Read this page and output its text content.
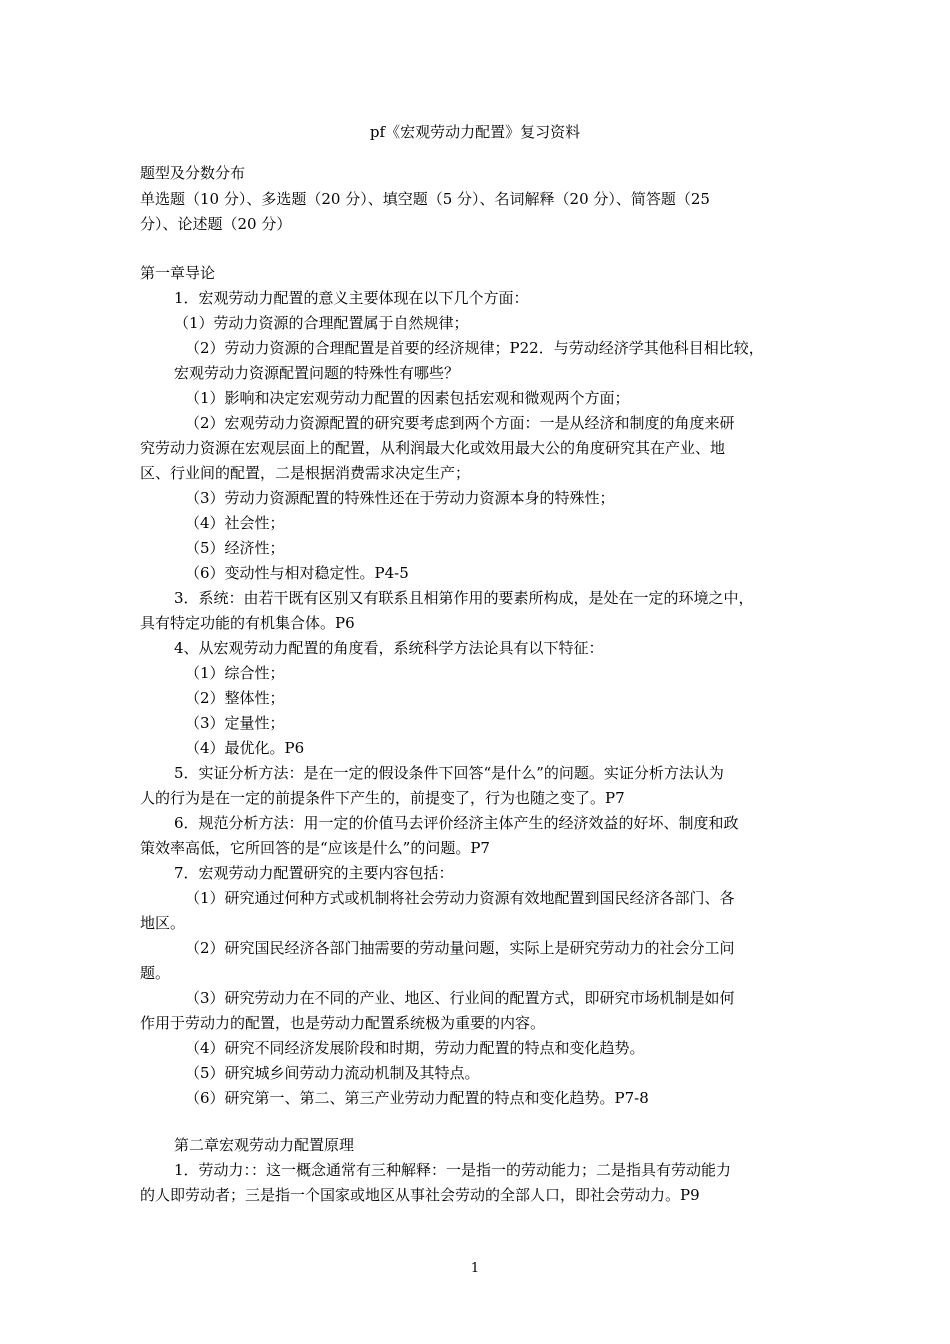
pf《宏观劳动力配置》复习资料
题型及分数分布
单选题（10 分）、多选题（20 分）、填空题（5 分）、名词解释（20 分）、简答题（25
分）、论述题（20 分）
第一章导论
1．宏观劳动力配置的意义主要体现在以下几个方面：
（1）劳动力资源的合理配置属于自然规律；
（2）劳动力资源的合理配置是首要的经济规律；P22．与劳动经济学其他科目相比较，
宏观劳动力资源配置问题的特殊性有哪些？
（1）影响和决定宏观劳动力配置的因素包括宏观和微观两个方面；
（2）宏观劳动力资源配置的研究要考虑到两个方面：一是从经济和制度的角度来研
究劳动力资源在宏观层面上的配置，从利润最大化或效用最大公的角度研究其在产业、地
区、行业间的配置，二是根据消费需求决定生产；
（3）劳动力资源配置的特殊性还在于劳动力资源本身的特殊性；
（4）社会性；
（5）经济性；
（6）变动性与相对稳定性。P4-5
3．系统：由若干既有区别又有联系且相第作用的要素所构成，是处在一定的环境之中，
具有特定功能的有机集合体。P6
4、从宏观劳动力配置的角度看，系统科学方法论具有以下特征：
（1）综合性；
（2）整体性；
（3）定量性；
（4）最优化。P6
5．实证分析方法：是在一定的假设条件下回答“是什么”的问题。实证分析方法认为
人的行为是在一定的前提条件下产生的，前提变了，行为也随之变了。P7
6．规范分析方法：用一定的价值马去评价经济主体产生的经济效益的好坏、制度和政
策效率高低，它所回答的是“应该是什么”的问题。P7
7．宏观劳动力配置研究的主要内容包括：
（1）研究通过何种方式或机制将社会劳动力资源有效地配置到国民经济各部门、各
地区。
（2）研究国民经济各部门抽需要的劳动量问题，实际上是研究劳动力的社会分工问
题。
（3）研究劳动力在不同的产业、地区、行业间的配置方式，即研究市场机制是如何
作用于劳动力的配置，也是劳动力配置系统极为重要的内容。
（4）研究不同经济发展阶段和时期，劳动力配置的特点和变化趋势。
（5）研究城乡间劳动力流动机制及其特点。
（6）研究第一、第二、第三产业劳动力配置的特点和变化趋势。P7-8
第二章宏观劳动力配置原理
1．劳动力：：这一概念通常有三种解释：一是指一的劳动能力；二是指具有劳动能力
的人即劳动者；三是指一个国家或地区从事社会劳动的全部人口，即社会劳动力。P9
1
